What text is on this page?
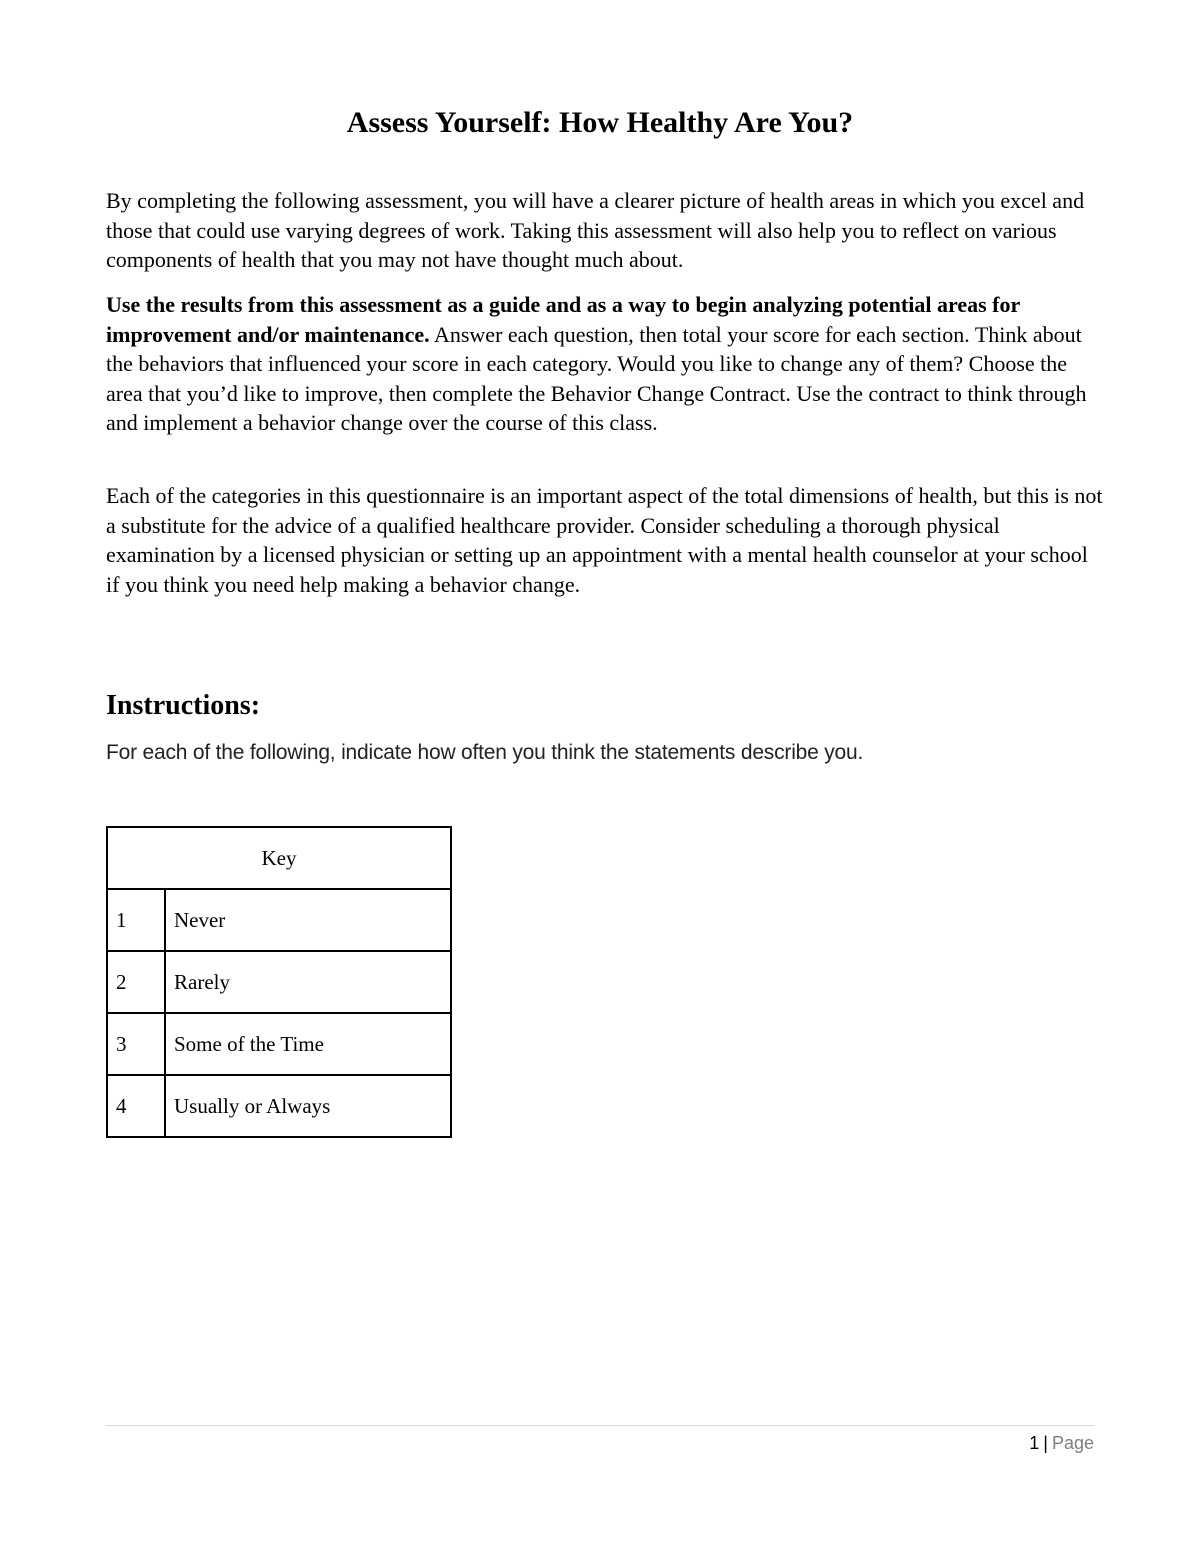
Assess Yourself: How Healthy Are You?

By completing the following assessment, you will have a clearer picture of health areas in which you excel and those that could use varying degrees of work. Taking this assessment will also help you to reflect on various components of health that you may not have thought much about.

Use the results from this assessment as a guide and as a way to begin analyzing potential areas for improvement and/or maintenance. Answer each question, then total your score for each section. Think about the behaviors that influenced your score in each category. Would you like to change any of them? Choose the area that you’d like to improve, then complete the Behavior Change Contract. Use the contract to think through and implement a behavior change over the course of this class.

Each of the categories in this questionnaire is an important aspect of the total dimensions of health, but this is not a substitute for the advice of a qualified healthcare provider. Consider scheduling a thorough physical examination by a licensed physician or setting up an appointment with a mental health counselor at your school if you think you need help making a behavior change.

Instructions:

For each of the following, indicate how often you think the statements describe you.

Key	
1	Never
2	Rarely
3	Some of the Time
4	Usually or Always
1 | Page
